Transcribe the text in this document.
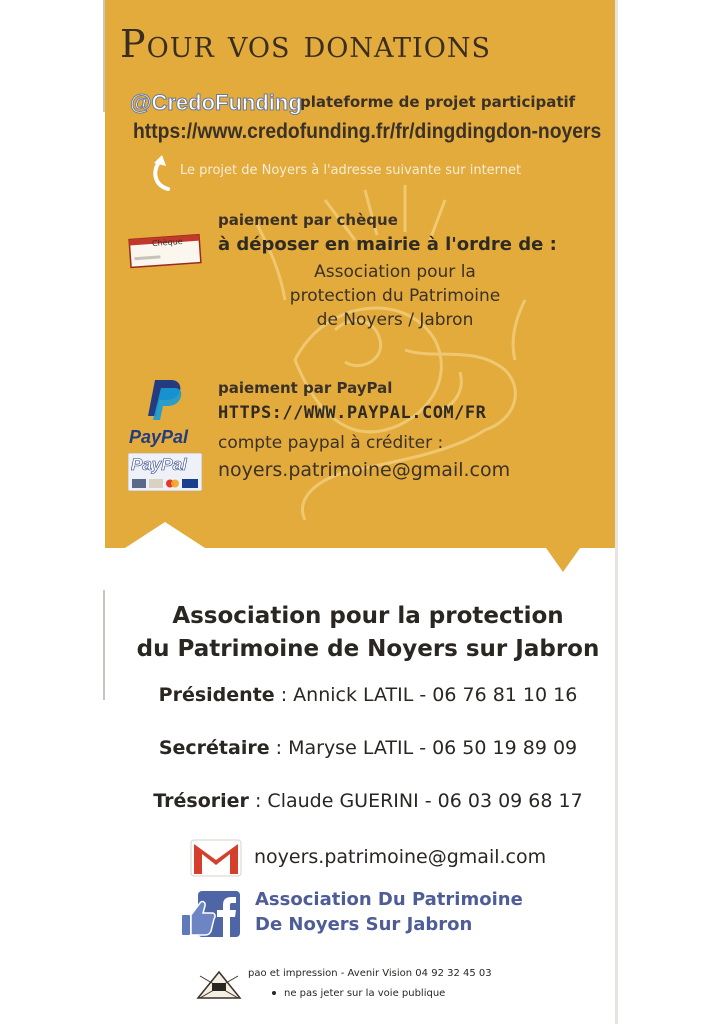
Pour vos donations
@CredoFunding
plateforme de projet participatif
https://www.credofunding.fr/fr/dingdingdon-noyers
Le projet de Noyers à l'adresse suivante sur internet
Chèque
paiement par chèque
à déposer en mairie à l'ordre de :
Association pour la
protection du Patrimoine
de Noyers / Jabron
PayPal
PayPal
paiement par PayPal
HTTPS://WWW.PAYPAL.COM/FR
compte paypal à créditer :
noyers.patrimoine@gmail.com
Association pour la protection
du Patrimoine de Noyers sur Jabron
Présidente : Annick LATIL - 06 76 81 10 16
Secrétaire : Maryse LATIL - 06 50 19 89 09
Trésorier : Claude GUERINI - 06 03 09 68 17
noyers.patrimoine@gmail.com
Association Du Patrimoine
De Noyers Sur Jabron
pao et impression - Avenir Vision 04 92 32 45 03
ne pas jeter sur la voie publique
